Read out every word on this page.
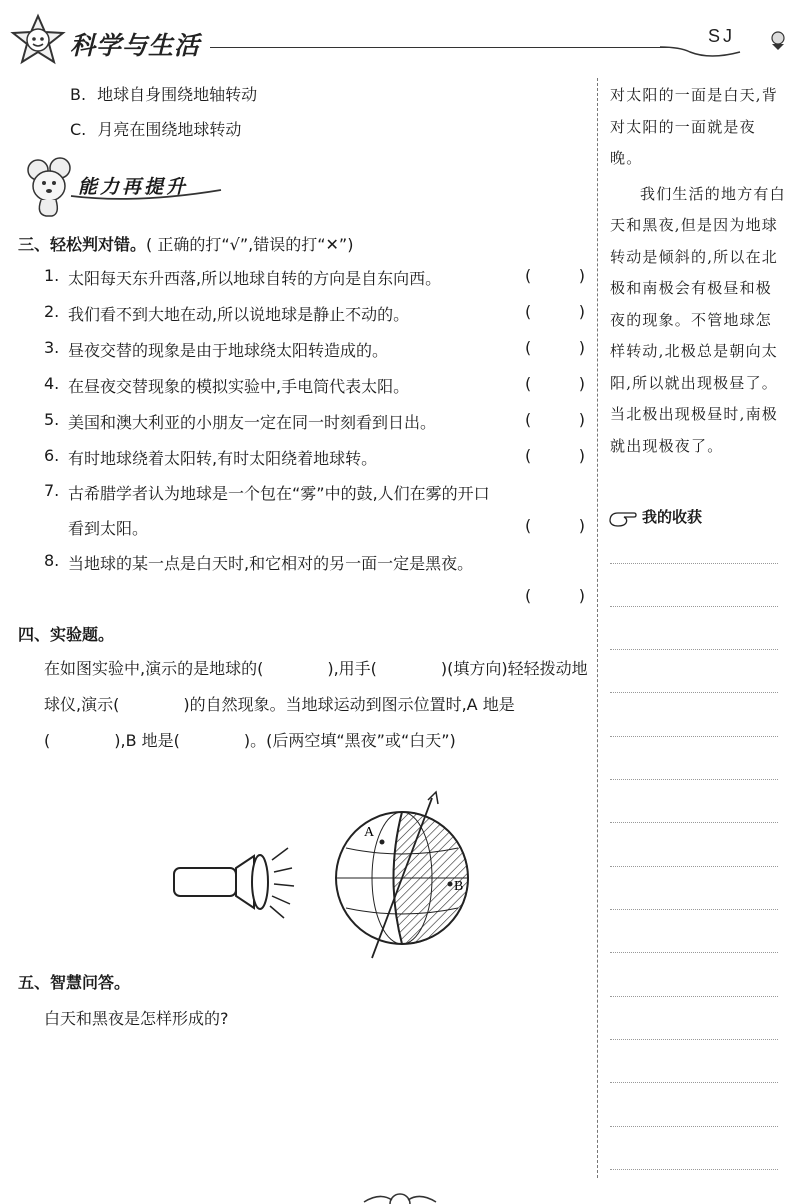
科学与生活	SJ
B. 地球自身围绕地轴转动
C. 月亮在围绕地球转动
能力再提升
三、轻松判对错。( 正确的打“√”,错误的打“✕”)
1. 太阳每天东升西落,所以地球自转的方向是自东向西。	(	)
2. 我们看不到大地在动,所以说地球是静止不动的。	(	)
3. 昼夜交替的现象是由于地球绕太阳转造成的。	(	)
4. 在昼夜交替现象的模拟实验中,手电筒代表太阳。	(	)
5. 美国和澳大利亚的小朋友一定在同一时刻看到日出。	(	)
6. 有时地球绕着太阳转,有时太阳绕着地球转。	(	)
7. 古希腊学者认为地球是一个包在“雾”中的鼓,人们在雾的开口
看到太阳。	(	)
8. 当地球的某一点是白天时,和它相对的另一面一定是黑夜。
(	)
四、实验题。
在如图实验中,演示的是地球的(　　　　),用手(　　　　)(填方向)轻轻拨动地球仪,演示(　　　　)的自然现象。当地球运动到图示位置时,A 地是(　　　　),B 地是(　　　　)。(后两空填“黑夜”或“白天”)
A
B
五、智慧问答。
白天和黑夜是怎样形成的?

对太阳的一面是白天,背对太阳的一面就是夜晚。

我们生活的地方有白天和黑夜,但是因为地球转动是倾斜的,所以在北极和南极会有极昼和极夜的现象。不管地球怎样转动,北极总是朝向太阳,所以就出现极昼了。当北极出现极昼时,南极就出现极夜了。

我的收获
